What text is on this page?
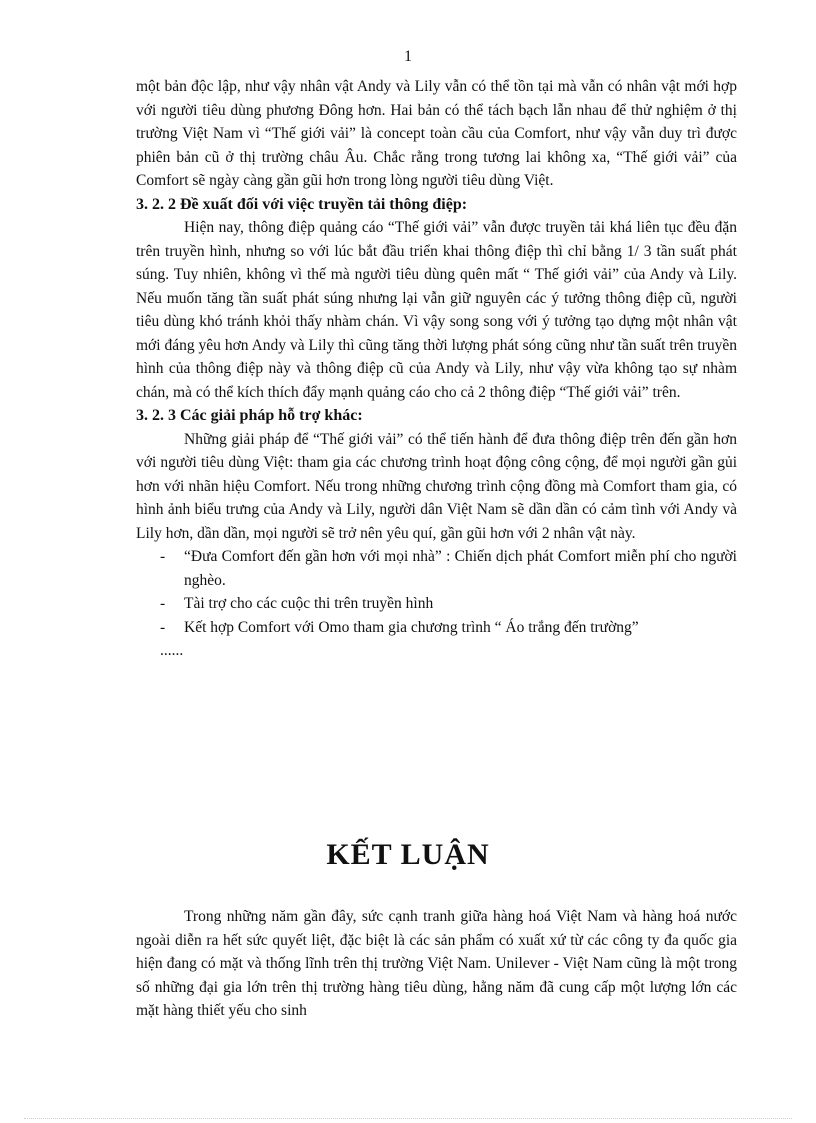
1

một bản độc lập, như vậy nhân vật Andy và Lily vẫn có thể tồn tại mà vẫn có nhân vật mới hợp với người tiêu dùng phương Đông hơn. Hai bản có thể tách bạch lẫn nhau để thử nghiệm ở thị trường Việt Nam vì “Thế giới vải” là concept toàn cầu của Comfort, như vậy vẫn duy trì được phiên bản cũ ở thị trường châu Âu. Chắc rằng trong tương lai không xa, “Thế giới vải” của Comfort sẽ ngày càng gần gũi hơn trong lòng người tiêu dùng Việt.

3. 2. 2 Đề xuất đối với việc truyền tải thông điệp:

Hiện nay, thông điệp quảng cáo “Thế giới vải” vẫn được truyền tải khá liên tục đều đặn trên truyền hình, nhưng so với lúc bắt đầu triển khai thông điệp thì chỉ bằng 1/ 3 tần suất phát súng. Tuy nhiên, không vì thế mà người tiêu dùng quên mất “ Thế giới vải” của Andy và Lily. Nếu muốn tăng tần suất phát súng nhưng lại vẫn giữ nguyên các ý tưởng thông điệp cũ, người tiêu dùng khó tránh khỏi thấy nhàm chán. Vì vậy song song với ý tưởng tạo dựng một nhân vật mới đáng yêu hơn Andy và Lily thì cũng tăng thời lượng phát sóng cũng như tần suất trên truyền hình của thông điệp này và thông điệp cũ của Andy và Lily, như vậy vừa không tạo sự nhàm chán, mà có thể kích thích đẩy mạnh quảng cáo cho cả 2 thông điệp “Thế giới vải” trên.

3. 2. 3 Các giải pháp hỗ trợ khác:

Những giải pháp để “Thế giới vải” có thể tiến hành để đưa thông điệp trên đến gần hơn với người tiêu dùng Việt: tham gia các chương trình hoạt động công cộng, để mọi người gần gủi hơn với nhãn hiệu Comfort. Nếu trong những chương trình cộng đồng mà Comfort tham gia, có hình ảnh biểu trưng của Andy và Lily, người dân Việt Nam sẽ dần dần có cảm tình với Andy và Lily hơn, dần dần, mọi người sẽ trở nên yêu quí, gần gũi hơn với 2 nhân vật này.

- “Đưa Comfort đến gần hơn với mọi nhà” : Chiến dịch phát Comfort miễn phí cho người nghèo.

- Tài trợ cho các cuộc thi trên truyền hình

- Kết hợp Comfort với Omo tham gia chương trình “ Áo trắng đến trường”

......

KẾT LUẬN

Trong những năm gần đây, sức cạnh tranh giữa hàng hoá Việt Nam và hàng hoá nước ngoài diễn ra hết sức quyết liệt, đặc biệt là các sản phẩm có xuất xứ từ các công ty đa quốc gia hiện đang có mặt và thống lĩnh trên thị trường Việt Nam. Unilever - Việt Nam cũng là một trong số những đại gia lớn trên thị trường hàng tiêu dùng, hằng năm đã cung cấp một lượng lớn các mặt hàng thiết yếu cho sinh
